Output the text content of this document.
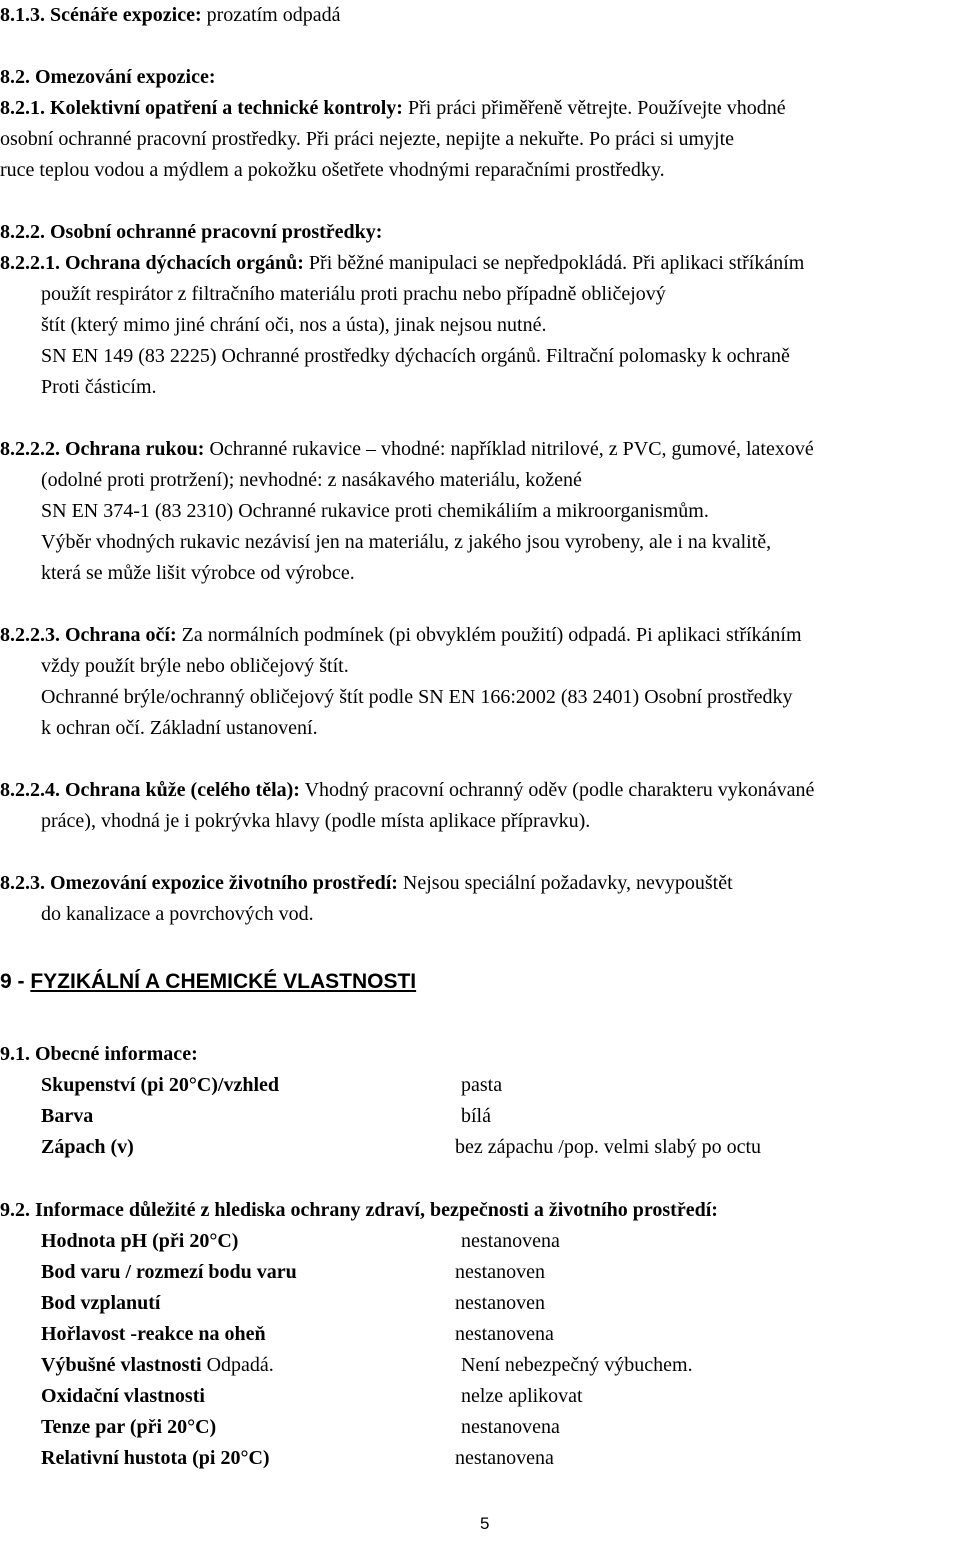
8.1.3. Scénáře expozice: prozatím odpadá
8.2. Omezování expozice:
8.2.1. Kolektivní opatření a technické kontroly: Při práci přiměřeně větrejte. Používejte vhodné
osobní ochranné pracovní prostředky. Při práci nejezte, nepijte a nekuřte. Po práci si umyjte
ruce teplou vodou a mýdlem a pokožku ošetřete vhodnými reparačními prostředky.
8.2.2. Osobní ochranné pracovní prostředky:
8.2.2.1. Ochrana dýchacích orgánů: Při běžné manipulaci se nepředpokládá. Při aplikaci stříkáním
použít respirátor z filtračního materiálu proti prachu nebo případně obličejový
štít (který mimo jiné chrání oči, nos a ústa), jinak nejsou nutné.
SN EN 149 (83 2225) Ochranné prostředky dýchacích orgánů. Filtrační polomasky k ochraně
Proti částicím.
8.2.2.2. Ochrana rukou: Ochranné rukavice – vhodné: například nitrilové, z PVC, gumové, latexové
(odolné proti protržení); nevhodné: z nasákavého materiálu, kožené
SN EN 374-1 (83 2310) Ochranné rukavice proti chemikáliím a mikroorganismům.
Výběr vhodných rukavic nezávisí jen na materiálu, z jakého jsou vyrobeny, ale i na kvalitě,
která se může lišit výrobce od výrobce.
8.2.2.3. Ochrana očí: Za normálních podmínek (pi obvyklém použití) odpadá. Pi aplikaci stříkáním
vždy použít brýle nebo obličejový štít.
Ochranné brýle/ochranný obličejový štít podle SN EN 166:2002 (83 2401) Osobní prostředky
k ochran očí. Základní ustanovení.
8.2.2.4. Ochrana kůže (celého těla): Vhodný pracovní ochranný oděv (podle charakteru vykonávané
práce), vhodná je i pokrývka hlavy (podle místa aplikace přípravku).
8.2.3. Omezování expozice životního prostředí: Nejsou speciální požadavky, nevypouštět
do kanalizace a povrchových vod.
9 - FYZIKÁLNÍ A CHEMICKÉ VLASTNOSTI
9.1. Obecné informace:
Skupenství (pi 20°C)/vzhled	pasta
Barva	bílá
Zápach (v)	bez zápachu /pop. velmi slabý po octu
9.2. Informace důležité z hlediska ochrany zdraví, bezpečnosti a životního prostředí:
Hodnota pH (při 20°C)	nestanovena
Bod varu / rozmezí bodu varu	nestanoven
Bod vzplanutí	nestanoven
Hořlavost -reakce na oheň	nestanovena
Výbušné vlastnosti Odpadá.	Není nebezpečný výbuchem.
Oxidační vlastnosti	nelze aplikovat
Tenze par (při 20°C)	nestanovena
Relativní hustota (pi 20°C)	nestanovena
5
